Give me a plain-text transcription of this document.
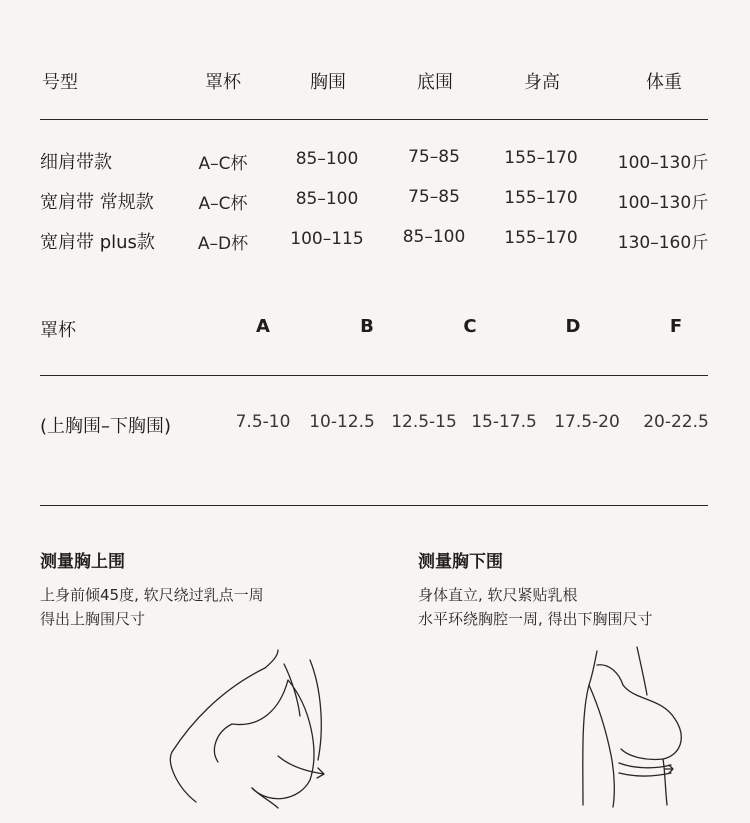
号型	罩杯	胸围	底围	身高	体重
细肩带款	A–C杯	85–100	75–85	155–170 100–130斤
宽肩带 常规款	A–C杯	85–100	75–85	155–170 100–130斤
宽肩带 plus款	A–D杯 100–115 85–100 155–170 130–160斤
罩杯	A	B	C	D	F
(上胸围–下胸围)	7.5-10 10-12.5 12.5-15 15-17.5 17.5-20 20-22.5
测量胸上围
上身前倾45度, 软尺绕过乳点一周
得出上胸围尺寸
测量胸下围
身体直立, 软尺紧贴乳根
水平环绕胸腔一周, 得出下胸围尺寸
